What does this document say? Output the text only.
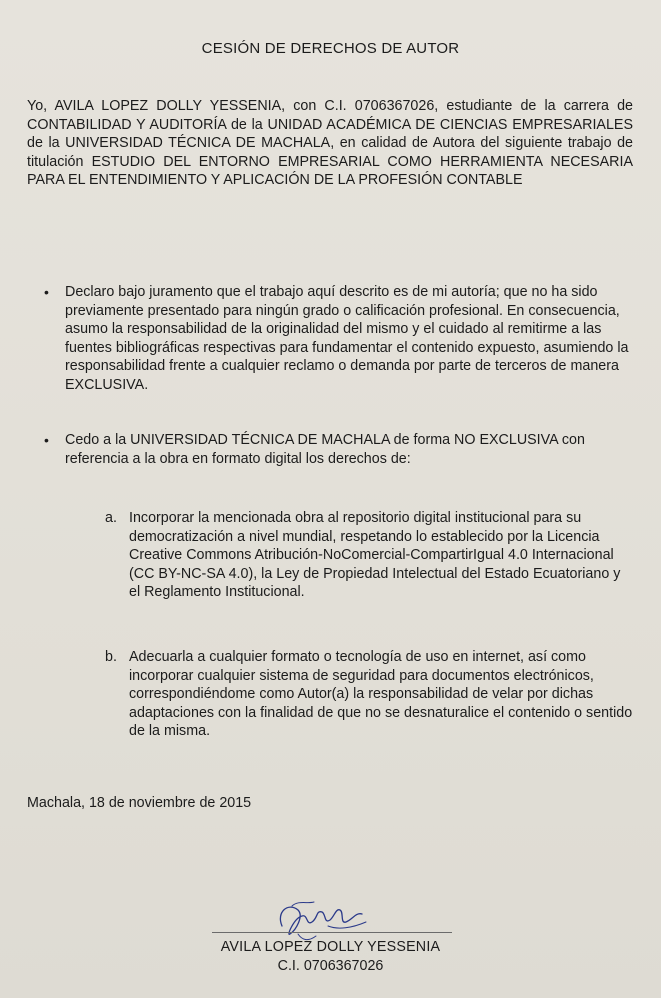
CESIÓN DE DERECHOS DE AUTOR
Yo, AVILA LOPEZ DOLLY YESSENIA, con C.I. 0706367026, estudiante de la carrera de CONTABILIDAD Y AUDITORÍA de la UNIDAD ACADÉMICA DE CIENCIAS EMPRESARIALES de la UNIVERSIDAD TÉCNICA DE MACHALA, en calidad de Autora del siguiente trabajo de titulación ESTUDIO DEL ENTORNO EMPRESARIAL COMO HERRAMIENTA NECESARIA PARA EL ENTENDIMIENTO Y APLICACIÓN DE LA PROFESIÓN CONTABLE
• Declaro bajo juramento que el trabajo aquí descrito es de mi autoría; que no ha sido previamente presentado para ningún grado o calificación profesional. En consecuencia, asumo la responsabilidad de la originalidad del mismo y el cuidado al remitirme a las fuentes bibliográficas respectivas para fundamentar el contenido expuesto, asumiendo la responsabilidad frente a cualquier reclamo o demanda por parte de terceros de manera EXCLUSIVA.
• Cedo a la UNIVERSIDAD TÉCNICA DE MACHALA de forma NO EXCLUSIVA con referencia a la obra en formato digital los derechos de:
a. Incorporar la mencionada obra al repositorio digital institucional para su democratización a nivel mundial, respetando lo establecido por la Licencia Creative Commons Atribución-NoComercial-CompartirIgual 4.0 Internacional (CC BY-NC-SA 4.0), la Ley de Propiedad Intelectual del Estado Ecuatoriano y el Reglamento Institucional.
b. Adecuarla a cualquier formato o tecnología de uso en internet, así como incorporar cualquier sistema de seguridad para documentos electrónicos, correspondiéndome como Autor(a) la responsabilidad de velar por dichas adaptaciones con la finalidad de que no se desnaturalice el contenido o sentido de la misma.
Machala, 18 de noviembre de 2015
AVILA LOPEZ DOLLY YESSENIA
C.I. 0706367026
